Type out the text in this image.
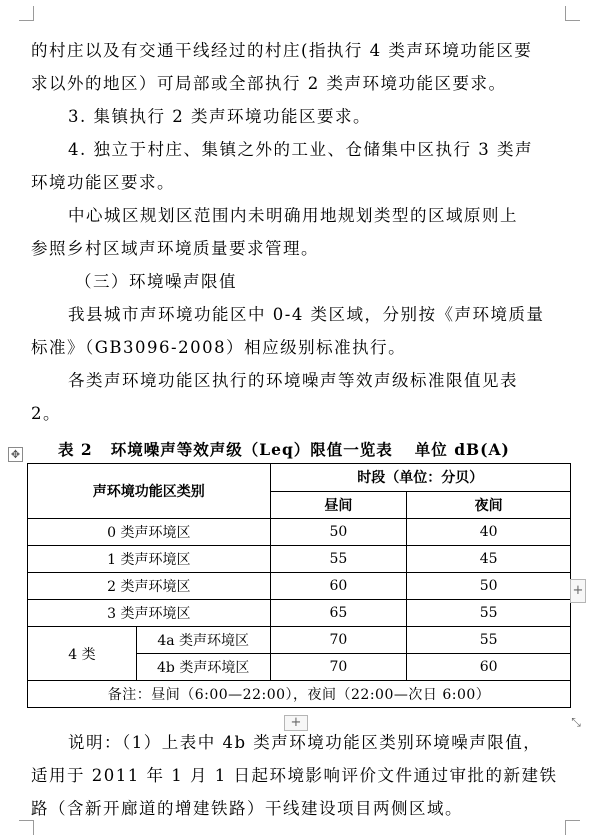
的村庄以及有交通干线经过的村庄(指执行 4 类声环境功能区要
求以外的地区）可局部或全部执行 2 类声环境功能区要求。
3. 集镇执行 2 类声环境功能区要求。
4. 独立于村庄、集镇之外的工业、仓储集中区执行 3 类声
环境功能区要求。
中心城区规划区范围内未明确用地规划类型的区域原则上
参照乡村区域声环境质量要求管理。
（三）环境噪声限值
我县城市声环境功能区中 0-4 类区域，分别按《声环境质量
标准》（GB3096-2008）相应级别标准执行。
各类声环境功能区执行的环境噪声等效声级标准限值见表
2。
✥ 表 2 环境噪声等效声级（Leq）限值一览表 单位 dB(A)
声环境功能区类别		时段（单位：分贝）	
		昼间	夜间
0 类声环境区		50	40
1 类声环境区		55	45
2 类声环境区		60	50
3 类声环境区		65	55
4 类	4a 类声环境区	70	55
	4b 类声环境区	70	60
备注：昼间（6:00—22:00），夜间（22:00—次日 6:00）			
+
+	⤡
说明：（1）上表中 4b 类声环境功能区类别环境噪声限值，
适用于 2011 年 1 月 1 日起环境影响评价文件通过审批的新建铁
路（含新开廊道的增建铁路）干线建设项目两侧区域。
